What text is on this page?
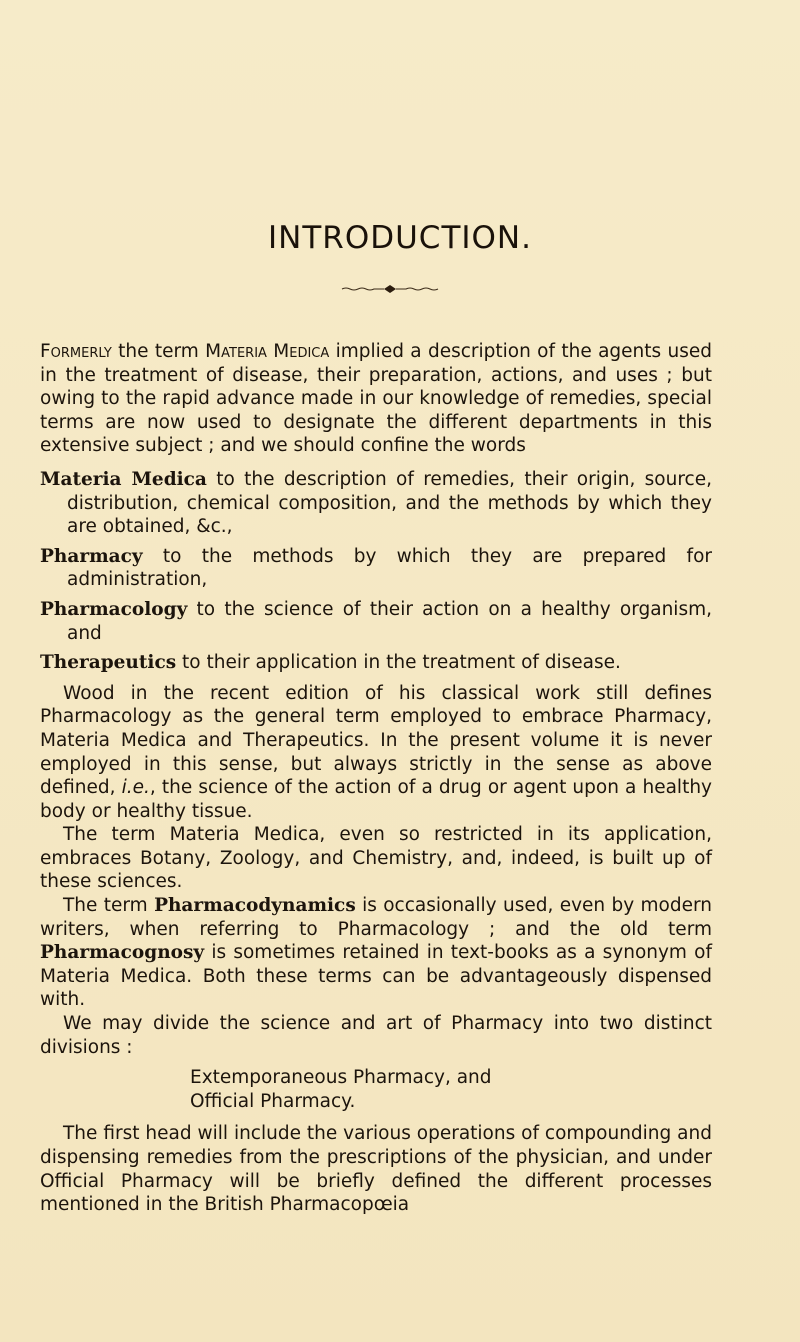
INTRODUCTION.

Formerly the term Materia Medica implied a description of the agents used in the treatment of disease, their preparation, actions, and uses ; but owing to the rapid advance made in our knowledge of remedies, special terms are now used to designate the different departments in this extensive subject ; and we should confine the words

Materia Medica to the description of remedies, their origin, source, distribution, chemical composition, and the methods by which they are obtained, &c.,

Pharmacy to the methods by which they are prepared for administration,

Pharmacology to the science of their action on a healthy organism, and

Therapeutics to their application in the treatment of disease.

Wood in the recent edition of his classical work still defines Pharmacology as the general term employed to embrace Pharmacy, Materia Medica and Therapeutics. In the present volume it is never employed in this sense, but always strictly in the sense as above defined, i.e., the science of the action of a drug or agent upon a healthy body or healthy tissue.

The term Materia Medica, even so restricted in its application, embraces Botany, Zoology, and Chemistry, and, indeed, is built up of these sciences.

The term Pharmacodynamics is occasionally used, even by modern writers, when referring to Pharmacology ; and the old term Pharmacognosy is sometimes retained in text-books as a synonym of Materia Medica. Both these terms can be advantageously dispensed with.

We may divide the science and art of Pharmacy into two distinct divisions :

Extemporaneous Pharmacy, and

Official Pharmacy.

The first head will include the various operations of compounding and dispensing remedies from the prescriptions of the physician, and under Official Pharmacy will be briefly defined the different processes mentioned in the British Pharmacopœia
